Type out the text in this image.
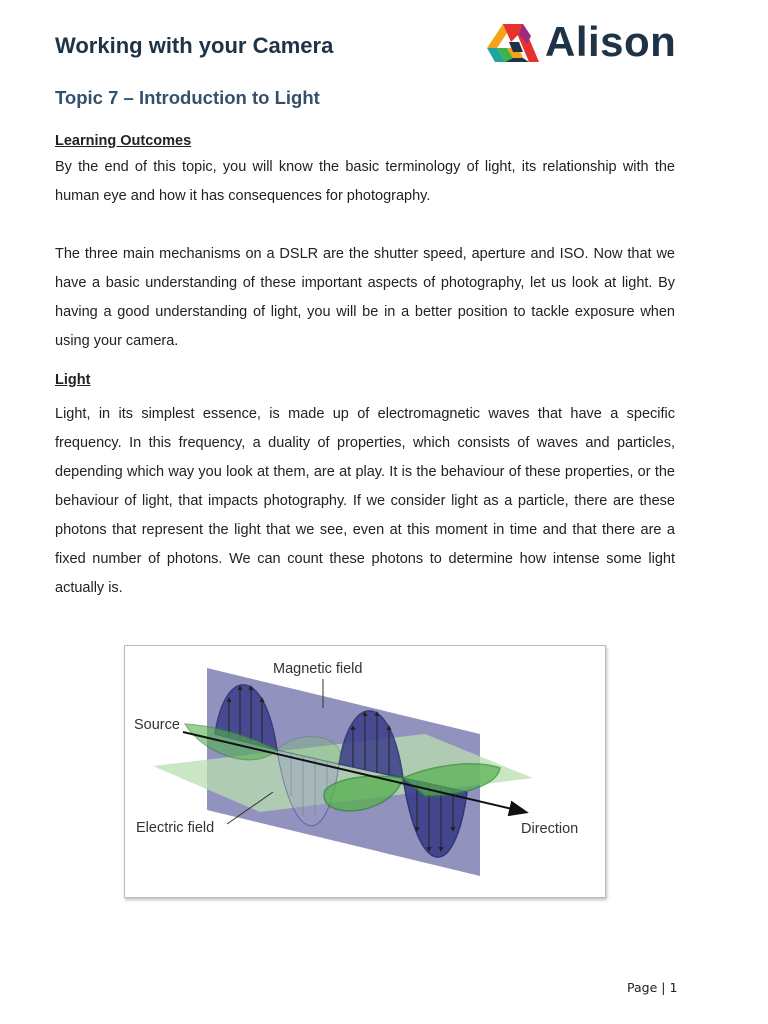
Working with your Camera	Alison
Topic 7 – Introduction to Light

Learning Outcomes

By the end of this topic, you will know the basic terminology of light, its relationship with the human eye and how it has consequences for photography.

The three main mechanisms on a DSLR are the shutter speed, aperture and ISO. Now that we have a basic understanding of these important aspects of photography, let us look at light. By having a good understanding of light, you will be in a better position to tackle exposure when using your camera.

Light

Light, in its simplest essence, is made up of electromagnetic waves that have a specific frequency. In this frequency, a duality of properties, which consists of waves and particles, depending which way you look at them, are at play. It is the behaviour of these properties, or the behaviour of light, that impacts photography. If we consider light as a particle, there are these photons that represent the light that we see, even at this moment in time and that there are a fixed number of photons. We can count these photons to determine how intense some light actually is.

Magnetic field
Source
Electric field	Direction
Page | 1
